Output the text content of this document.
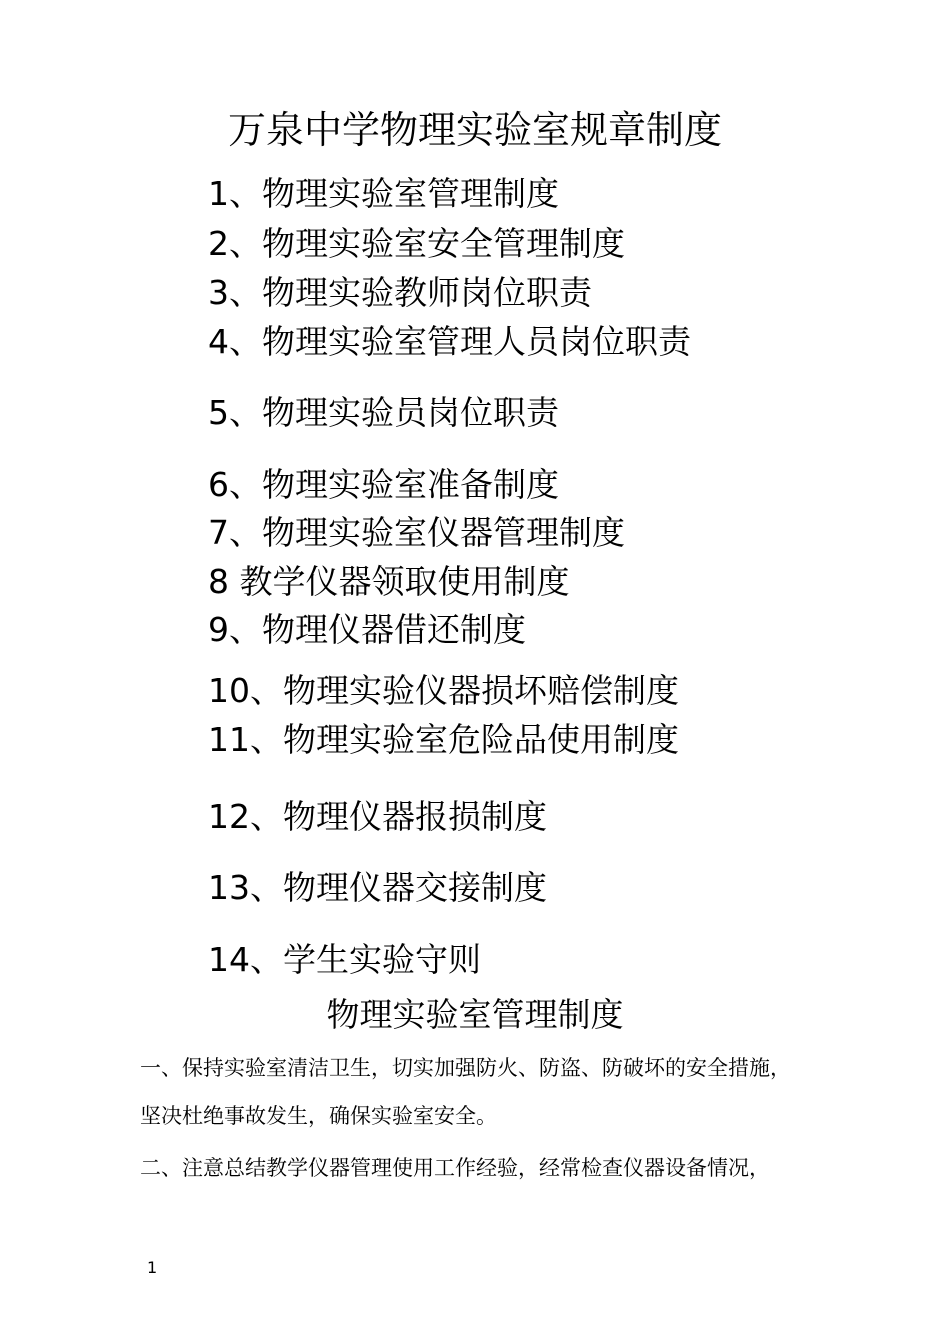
万泉中学物理实验室规章制度
1、物理实验室管理制度
2、物理实验室安全管理制度
3、物理实验教师岗位职责
4、物理实验室管理人员岗位职责
5、物理实验员岗位职责
6、物理实验室准备制度
7、物理实验室仪器管理制度
8 教学仪器领取使用制度
9、物理仪器借还制度
10、物理实验仪器损坏赔偿制度
11、物理实验室危险品使用制度
12、物理仪器报损制度
13、物理仪器交接制度
14、学生实验守则
物理实验室管理制度
一、保持实验室清洁卫生，切实加强防火、防盗、防破坏的安全措施，
坚决杜绝事故发生，确保实验室安全。
二、注意总结教学仪器管理使用工作经验，经常检查仪器设备情况，
1
